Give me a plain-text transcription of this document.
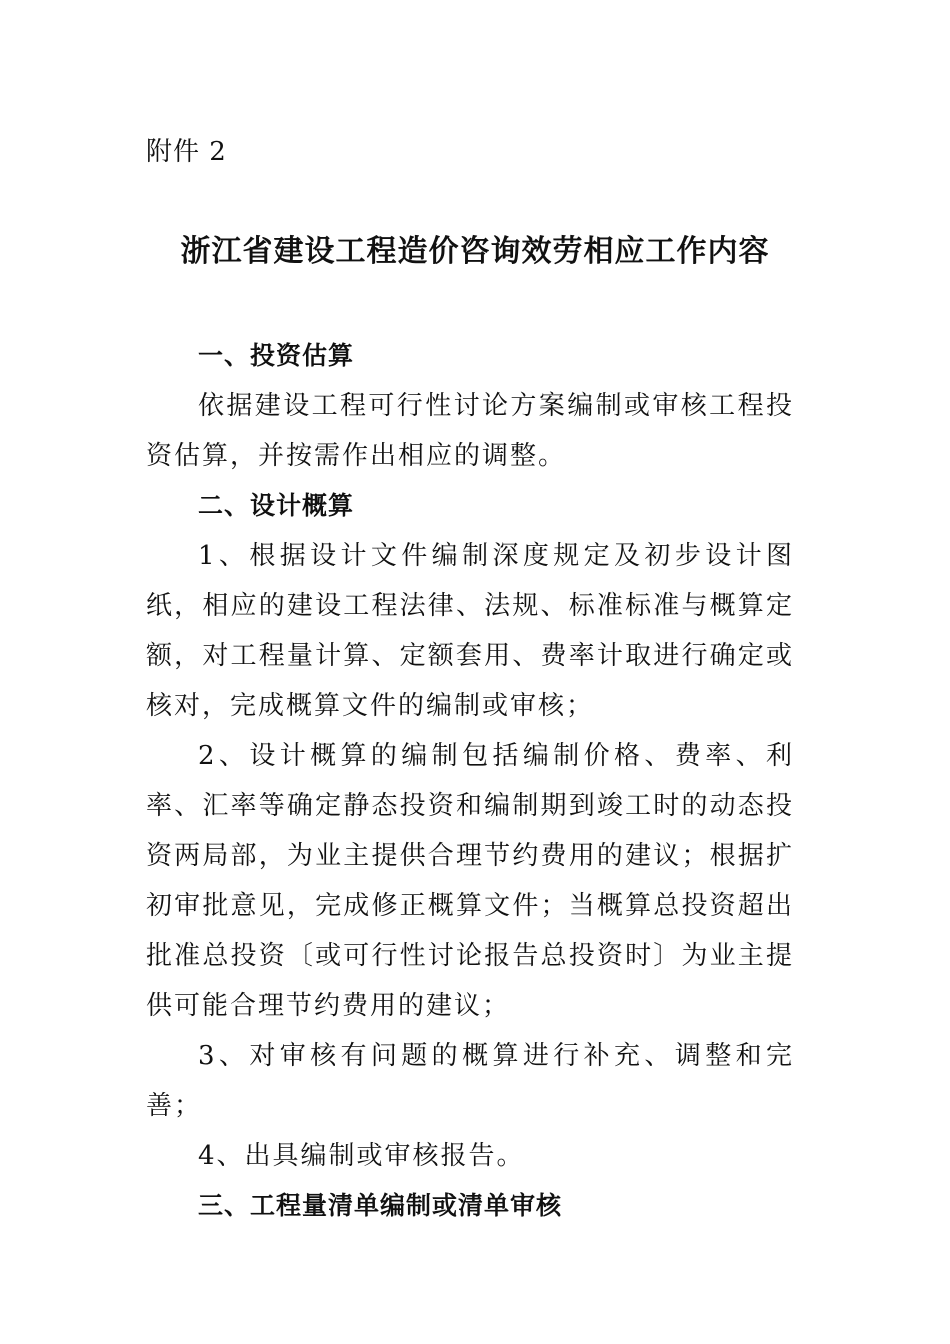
附件 2
浙江省建设工程造价咨询效劳相应工作内容

一、投资估算

依据建设工程可行性讨论方案编制或审核工程投资估算，并按需作出相应的调整。

二、设计概算

1、根据设计文件编制深度规定及初步设计图纸，相应的建设工程法律、法规、标准标准与概算定额，对工程量计算、定额套用、费率计取进行确定或核对，完成概算文件的编制或审核；

2、设计概算的编制包括编制价格、费率、利率、汇率等确定静态投资和编制期到竣工时的动态投资两局部，为业主提供合理节约费用的建议；根据扩初审批意见，完成修正概算文件；当概算总投资超出批准总投资〔或可行性讨论报告总投资时〕为业主提供可能合理节约费用的建议；

3、对审核有问题的概算进行补充、调整和完善；

4、出具编制或审核报告。

三、工程量清单编制或清单审核
